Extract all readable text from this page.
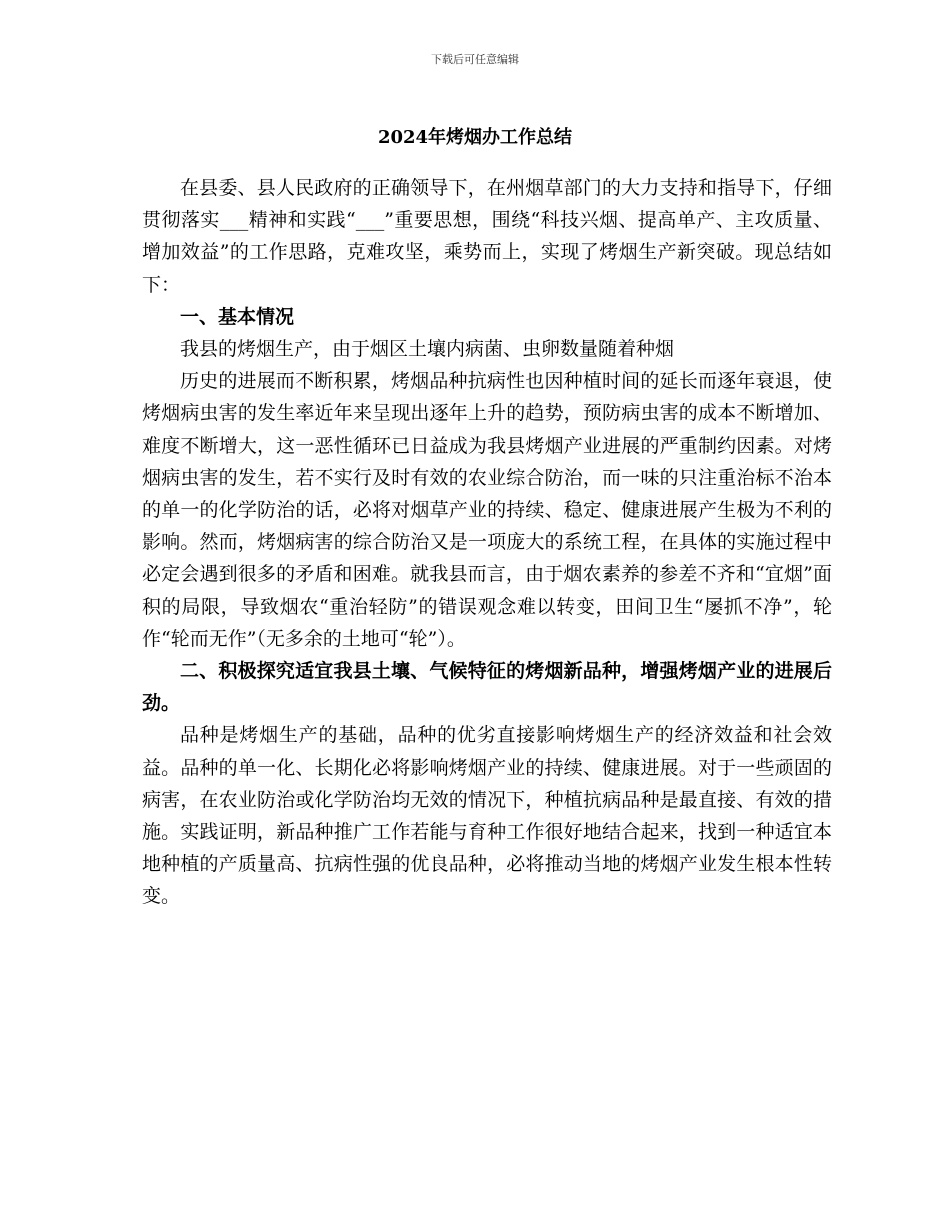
下载后可任意编辑
2024年烤烟办工作总结

在县委、县人民政府的正确领导下，在州烟草部门的大力支持和指导下，仔细贯彻落实___精神和实践“___”重要思想，围绕“科技兴烟、提高单产、主攻质量、增加效益”的工作思路，克难攻坚，乘势而上，实现了烤烟生产新突破。现总结如下：

一、基本情况

我县的烤烟生产，由于烟区土壤内病菌、虫卵数量随着种烟

历史的进展而不断积累，烤烟品种抗病性也因种植时间的延长而逐年衰退，使烤烟病虫害的发生率近年来呈现出逐年上升的趋势，预防病虫害的成本不断增加、难度不断增大，这一恶性循环已日益成为我县烤烟产业进展的严重制约因素。对烤烟病虫害的发生，若不实行及时有效的农业综合防治，而一味的只注重治标不治本的单一的化学防治的话，必将对烟草产业的持续、稳定、健康进展产生极为不利的影响。然而，烤烟病害的综合防治又是一项庞大的系统工程，在具体的实施过程中必定会遇到很多的矛盾和困难。就我县而言，由于烟农素养的参差不齐和“宜烟”面积的局限，导致烟农“重治轻防”的错误观念难以转变，田间卫生“屡抓不净”，轮作“轮而无作”（无多余的土地可“轮”）。

二、积极探究适宜我县土壤、气候特征的烤烟新品种，增强烤烟产业的进展后劲。

品种是烤烟生产的基础，品种的优劣直接影响烤烟生产的经济效益和社会效益。品种的单一化、长期化必将影响烤烟产业的持续、健康进展。对于一些顽固的病害，在农业防治或化学防治均无效的情况下，种植抗病品种是最直接、有效的措施。实践证明，新品种推广工作若能与育种工作很好地结合起来，找到一种适宜本地种植的产质量高、抗病性强的优良品种，必将推动当地的烤烟产业发生根本性转变。
